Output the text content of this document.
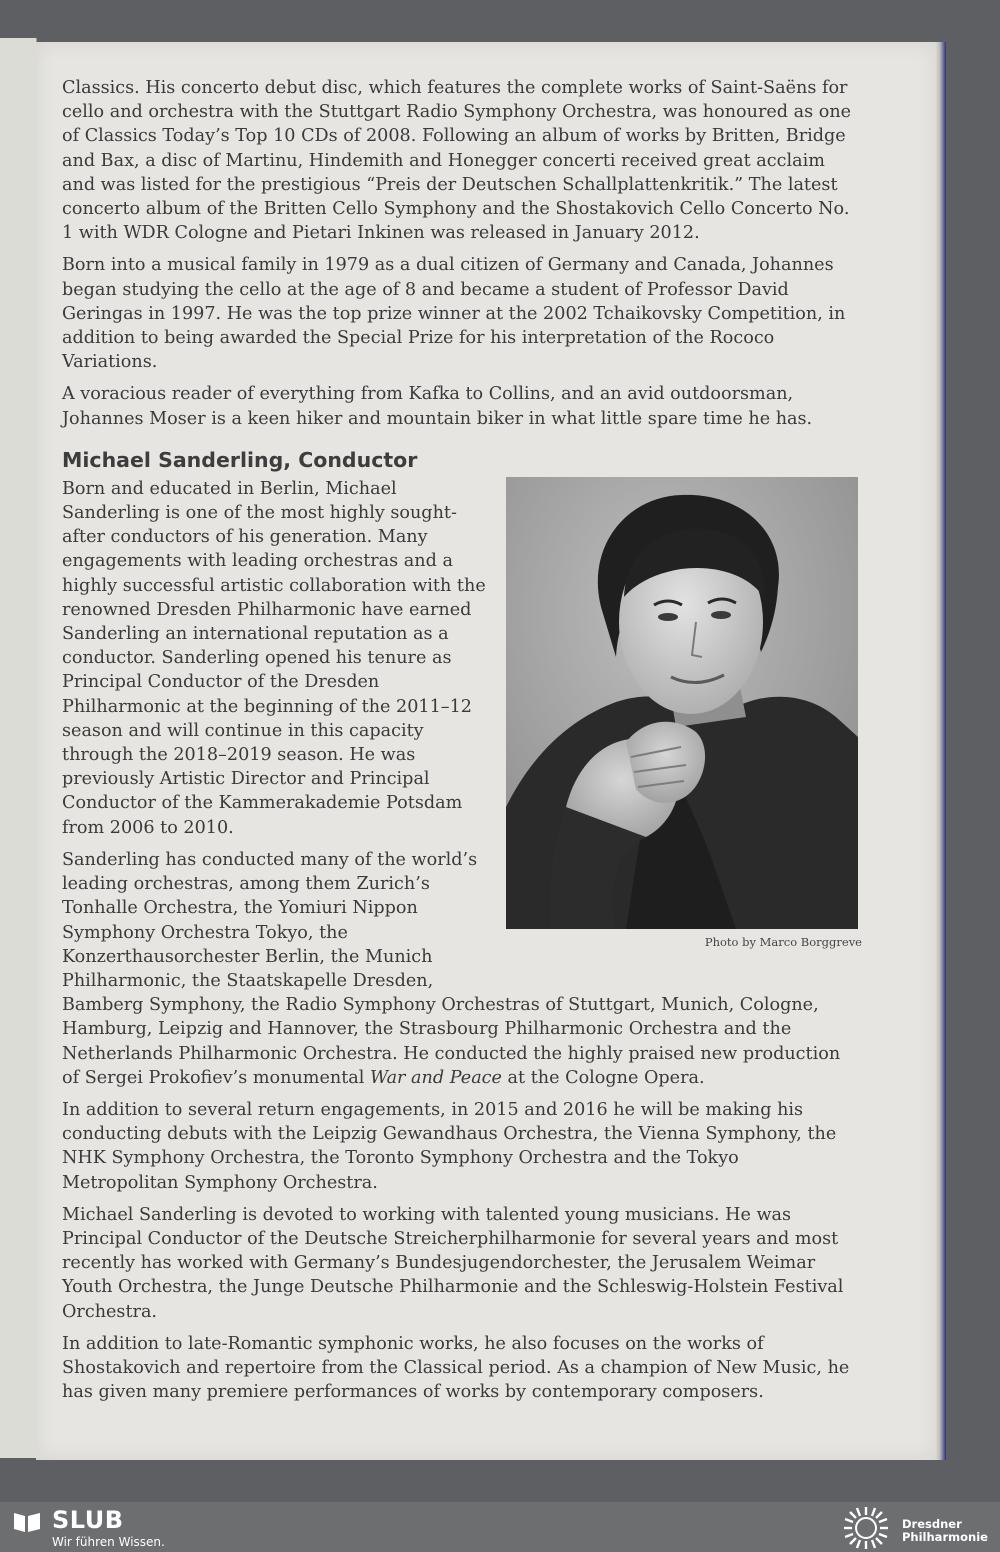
Classics. His concerto debut disc, which features the complete works of Saint-Saëns for cello and orchestra with the Stuttgart Radio Symphony Orchestra, was honoured as one of Classics Today’s Top 10 CDs of 2008. Following an album of works by Britten, Bridge and Bax, a disc of Martinu, Hindemith and Honegger concerti received great acclaim and was listed for the prestigious “Preis der Deutschen Schallplattenkritik.” The latest concerto album of the Britten Cello Symphony and the Shostakovich Cello Concerto No. 1 with WDR Cologne and Pietari Inkinen was released in January 2012.

Born into a musical family in 1979 as a dual citizen of Germany and Canada, Johannes began studying the cello at the age of 8 and became a student of Professor David Geringas in 1997. He was the top prize winner at the 2002 Tchaikovsky Competition, in addition to being awarded the Special Prize for his interpretation of the Rococo Variations.

A voracious reader of everything from Kafka to Collins, and an avid outdoorsman, Johannes Moser is a keen hiker and mountain biker in what little spare time he has.

Michael Sanderling, Conductor
Photo by Marco Borggreve

Born and educated in Berlin, Michael Sanderling is one of the most highly sought-after conductors of his generation. Many engagements with leading orchestras and a highly successful artistic collaboration with the renowned Dresden Philharmonic have earned Sanderling an international reputation as a conductor. Sanderling opened his tenure as Principal Conductor of the Dresden Philharmonic at the beginning of the 2011–12 season and will continue in this capacity through the 2018–2019 season. He was previously Artistic Director and Principal Conductor of the Kammerakademie Potsdam from 2006 to 2010.

Sanderling has conducted many of the world’s leading orchestras, among them Zurich’s Tonhalle Orchestra, the Yomiuri Nippon Symphony Orchestra Tokyo, the Konzerthausorchester Berlin, the Munich Philharmonic, the Staatskapelle Dresden, Bamberg Symphony, the Radio Symphony Orchestras of Stuttgart, Munich, Cologne, Hamburg, Leipzig and Hannover, the Strasbourg Philharmonic Orchestra and the Netherlands Philharmonic Orchestra. He conducted the highly praised new production of Sergei Prokofiev’s monumental War and Peace at the Cologne Opera.

In addition to several return engagements, in 2015 and 2016 he will be making his conducting debuts with the Leipzig Gewandhaus Orchestra, the Vienna Symphony, the NHK Symphony Orchestra, the Toronto Symphony Orchestra and the Tokyo Metropolitan Symphony Orchestra.

Michael Sanderling is devoted to working with talented young musicians. He was Principal Conductor of the Deutsche Streicherphilharmonie for several years and most recently has worked with Germany’s Bundesjugendorchester, the Jerusalem Weimar Youth Orchestra, the Junge Deutsche Philharmonie and the Schleswig-Holstein Festival Orchestra.

In addition to late-Romantic symphonic works, he also focuses on the works of Shostakovich and repertoire from the Classical period. As a champion of New Music, he has given many premiere performances of works by contemporary composers.

SLUB
Wir führen Wissen.
Dresdner
Philharmonie
